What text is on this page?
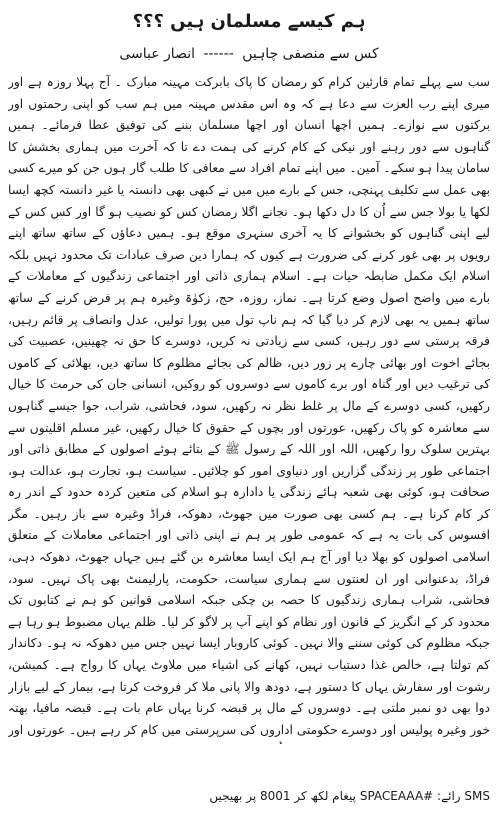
ہم کیسے مسلمان ہیں ؟؟؟
کس سے منصفی چاہیں ------ انصار عباسی

سب سے پہلے تمام قارئین کرام کو رمضان کا پاک بابرکت مہینہ مبارک ۔ آج پہلا روزہ ہے اور میری اپنے رب العزت سے دعا ہے کہ وہ اس مقدس مہینہ میں ہم سب کو اپنی رحمتوں اور برکتوں سے نوازے۔ ہمیں اچھا انسان اور اچھا مسلمان بننے کی توفیق عطا فرمائے۔ ہمیں گناہوں سے دور رہنے اور نیکی کے کام کرنے کی ہمت دے تا کہ آخرت میں ہماری بخشش کا سامان پیدا ہو سکے۔ آمین۔ میں اپنے تمام افراد سے معافی کا طلب گار ہوں جن کو میرے کسی بھی عمل سے تکلیف پہنچی، جس کے بارے میں میں نے کبھی بھی دانستہ یا غیر دانستہ کچھ ایسا لکھا یا بولا جس سے اُن کا دل دکھا ہو۔ نجانے اگلا رمضان کس کو نصیب ہو گا اور کس کس کے لیے اپنی گناہوں کو بخشوانے کا یہ آخری سنہری موقع ہو۔ ہمیں دعاؤں کے ساتھ ساتھ اپنے رویوں پر بھی غور کرنے کی ضرورت ہے کیوں کہ ہمارا دین صرف عبادات تک محدود نہیں بلکہ اسلام ایک مکمل ضابطہ حیات ہے۔ اسلام ہماری ذاتی اور اجتماعی زندگیوں کے معاملات کے بارے میں واضح اصول وضع کرتا ہے۔ نماز، روزہ، حج، زکوٰۃ وغیرہ ہم پر فرض کرنے کے ساتھ ساتھ ہمیں یہ بھی لازم کر دیا گیا کہ ہم ناپ تول میں پورا تولیں، عدل وانصاف پر قائم رہیں، فرقہ پرستی سے دور رہیں، کسی سے زیادتی نہ کریں، دوسرے کا حق نہ چھینیں، عصبیت کی بجائے اخوت اور بھائی چارے پر زور دیں، ظالم کی بجائے مظلوم کا ساتھ دیں، بھلائی کے کاموں کی ترغیب دیں اور گناہ اور برے کاموں سے دوسروں کو روکیں، انسانی جان کی حرمت کا خیال رکھیں، کسی دوسرے کے مال پر غلط نظر نہ رکھیں، سود، فحاشی، شراب، جوا جیسے گناہوں سے معاشرہ کو پاک رکھیں، عورتوں اور بچوں کے حقوق کا خیال رکھیں، غیر مسلم اقلیتوں سے بہترین سلوک روا رکھیں، اللہ اور اللہ کے رسول ﷺ کے بتائے ہوئے اصولوں کے مطابق ذاتی اور اجتماعی طور پر زندگی گزاریں اور دنیاوی امور کو چلائیں۔ سیاست ہو، تجارت ہو، عدالت ہو، صحافت ہو، کوئی بھی شعبہ ہائے زندگی یا دادارہ ہو اسلام کی متعین کردہ حدود کے اندر رہ کر کام کرنا ہے۔ ہم کسی بھی صورت میں جھوٹ، دھوکہ، فراڈ وغیرہ سے باز رہیں۔ مگر افسوس کی بات یہ ہے کہ عمومی طور پر ہم نے اپنی ذاتی اور اجتماعی معاملات کے متعلق اسلامی اصولوں کو بھلا دیا اور آج ہم ایک ایسا معاشرہ بن گئے ہیں جہاں جھوٹ، دھوکہ دہی، فراڈ، بدعنوانی اور ان لعنتوں سے ہماری سیاست، حکومت، پارلیمنٹ بھی پاک نہیں۔ سود، فحاشی، شراب ہماری زندگیوں کا حصہ بن چکی جبکہ اسلامی قوانین کو ہم نے کتابوں تک محدود کر کے انگریز کے قانون اور نظام کو اپنے آپ پر لاگو کر لیا۔ ظلم یہاں مضبوط ہو رہا ہے جبکہ مظلوم کی کوئی سننے والا نہیں۔ کوئی کاروبار ایسا نہیں جس میں دھوکہ نہ ہو۔ دکاندار کم تولتا ہے، خالص غذا دستیاب نہیں، کھانے کی اشیاء میں ملاوٹ یہاں کا رواج ہے۔ کمیشن، رشوت اور سفارش یہاں کا دستور ہے، دودھ والا پانی ملا کر فروخت کرتا ہے، بیمار کے لیے بازار دوا بھی دو نمبر ملتی ہے۔ دوسروں کے مال پر قبضہ کرنا یہاں عام بات ہے۔ قبضہ مافیا، بھتہ خور وغیرہ پولیس اور دوسرے حکومتی اداروں کی سرپرستی میں کام کر رہے ہیں۔ عورتوں اور

SMS رائے: #SPACEAAA پیغام لکھ کر 8001 پر بھیجیں
